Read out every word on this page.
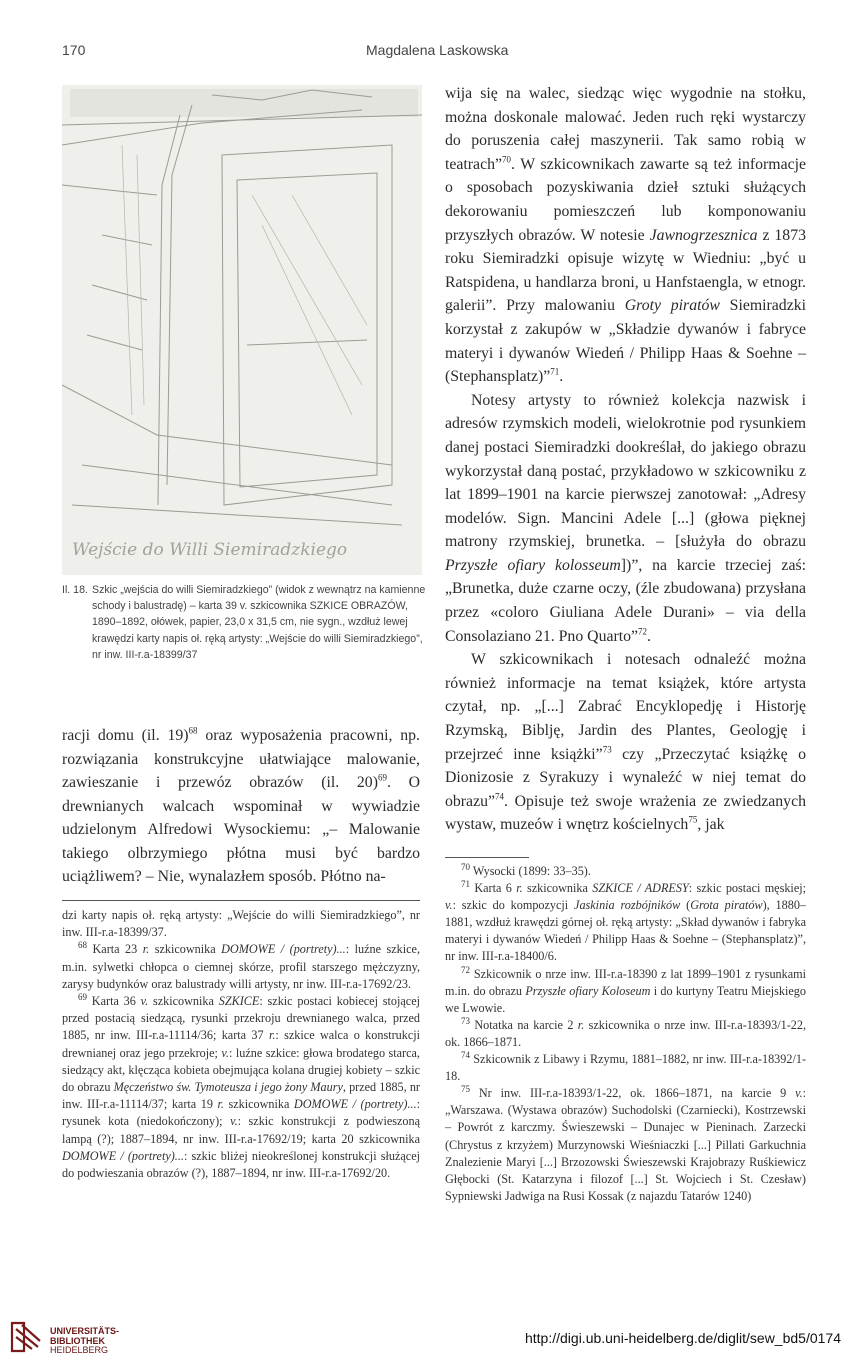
170	Magdalena Laskowska
Wejście do Willi Siemiradzkiego
Il. 18. Szkic „wejścia do willi Siemiradzkiego” (widok z wewnątrz na kamienne schody i balustradę) – karta 39 v. szkicownika SZKICE OBRAZÓW, 1890–1892, ołówek, papier, 23,0 x 31,5 cm, nie sygn., wzdłuż lewej krawędzi karty napis oł. ręką artysty: „Wejście do willi Siemiradzkiego”, nr inw. III-r.a-18399/37

racji domu (il. 19)$^{68}$ oraz wyposażenia pracowni, np. rozwiązania konstrukcyjne ułatwiające malowanie, zawieszanie i przewóz obrazów (il. 20)$^{69}$. O drewnianych walcach wspominał w wywiadzie udzielonym Alfredowi Wysockiemu: „– Malowanie takiego olbrzymiego płótna musi być bardzo uciążliwem? – Nie, wynalazłem sposób. Płótno na-

wija się na walec, siedząc więc wygodnie na stołku, można doskonale malować. Jeden ruch ręki wystarczy do poruszenia całej maszynerii. Tak samo robią w teatrach”$^{70}$. W szkicownikach zawarte są też informacje o sposobach pozyskiwania dzieł sztuki służących dekorowaniu pomieszczeń lub komponowaniu przyszłych obrazów. W notesie Jawnogrzesznica z 1873 roku Siemiradzki opisuje wizytę w Wiedniu: „być u Ratspidena, u handlarza broni, u Hanfstaengla, w etnogr. galerii”. Przy malowaniu Groty piratów Siemiradzki korzystał z zakupów w „Składzie dywanów i fabryce materyi i dywanów Wiedeń / Philipp Haas & Soehne – (Stephansplatz)”$^{71}$.

Notesy artysty to również kolekcja nazwisk i adresów rzymskich modeli, wielokrotnie pod rysunkiem danej postaci Siemiradzki dookreślał, do jakiego obrazu wykorzystał daną postać, przykładowo w szkicowniku z lat 1899–1901 na karcie pierwszej zanotował: „Adresy modelów. Sign. Mancini Adele [...] (głowa pięknej matrony rzymskiej, brunetka. – [służyła do obrazu Przyszłe ofiary kolosseum])”, na karcie trzeciej zaś: „Brunetka, duże czarne oczy, (źle zbudowana) przysłana przez «coloro Giuliana Adele Durani» – via della Consolaziano 21. Pno Quarto”$^{72}$.

W szkicownikach i notesach odnaleźć można również informacje na temat książek, które artysta czytał, np. „[...] Zabrać Encyklopedję i Historję Rzymską, Biblję, Jardin des Plantes, Geologję i przejrzeć inne książki”$^{73}$ czy „Przeczytać książkę o Dionizosie z Syrakuzy i wynaleźć w niej temat do obrazu”$^{74}$. Opisuje też swoje wrażenia ze zwiedzanych wystaw, muzeów i wnętrz kościelnych$^{75}$, jak

dzi karty napis oł. ręką artysty: „Wejście do willi Siemiradzkiego”, nr inw. III-r.a-18399/37.

$^{68}$ Karta 23 r. szkicownika DOMOWE / (portrety)...: luźne szkice, m.in. sylwetki chłopca o ciemnej skórze, profil starszego mężczyzny, zarysy budynków oraz balustrady willi artysty, nr inw. III-r.a-17692/23.

$^{69}$ Karta 36 v. szkicownika SZKICE: szkic postaci kobiecej stojącej przed postacią siedzącą, rysunki przekroju drewnianego walca, przed 1885, nr inw. III-r.a-11114/36; karta 37 r.: szkice walca o konstrukcji drewnianej oraz jego przekroje; v.: luźne szkice: głowa brodatego starca, siedzący akt, klęcząca kobieta obejmująca kolana drugiej kobiety – szkic do obrazu Męczeństwo św. Tymoteusza i jego żony Maury, przed 1885, nr inw. III-r.a-11114/37; karta 19 r. szkicownika DOMOWE / (portrety)...: rysunek kota (niedokończony); v.: szkic konstrukcji z podwieszoną lampą (?); 1887–1894, nr inw. III-r.a-17692/19; karta 20 szkicownika DOMOWE / (portrety)...: szkic bliżej nieokreślonej konstrukcji służącej do podwieszania obrazów (?), 1887–1894, nr inw. III-r.a-17692/20.

$^{70}$ Wysocki (1899: 33–35).

$^{71}$ Karta 6 r. szkicownika SZKICE / ADRESY: szkic postaci męskiej; v.: szkic do kompozycji Jaskinia rozbójników (Grota piratów), 1880–1881, wzdłuż krawędzi górnej oł. ręką artysty: „Skład dywanów i fabryka materyi i dywanów Wiedeń / Philipp Haas & Soehne – (Stephansplatz)”, nr inw. III-r.a-18400/6.

$^{72}$ Szkicownik o nrze inw. III-r.a-18390 z lat 1899–1901 z rysunkami m.in. do obrazu Przyszłe ofiary Koloseum i do kurtyny Teatru Miejskiego we Lwowie.

$^{73}$ Notatka na karcie 2 r. szkicownika o nrze inw. III-r.a-18393/1-22, ok. 1866–1871.

$^{74}$ Szkicownik z Libawy i Rzymu, 1881–1882, nr inw. III-r.a-18392/1-18.

$^{75}$ Nr inw. III-r.a-18393/1-22, ok. 1866–1871, na karcie 9 v.: „Warszawa. (Wystawa obrazów) Suchodolski (Czarniecki), Kostrzewski – Powrót z karczmy. Świeszewski – Dunajec w Pieninach. Zarzecki (Chrystus z krzyżem) Murzynowski Wieśniaczki [...] Pillati Garkuchnia Znalezienie Maryi [...] Brzozowski Świeszewski Krajobrazy Ruśkiewicz Głębocki (St. Katarzyna i filozof [...] St. Wojciech i St. Czesław) Sypniewski Jadwiga na Rusi Kossak (z najazdu Tatarów 1240)

UNIVERSITÄTS-
BIBLIOTHEK
HEIDELBERG
http://digi.ub.uni-heidelberg.de/diglit/sew_bd5/0174
